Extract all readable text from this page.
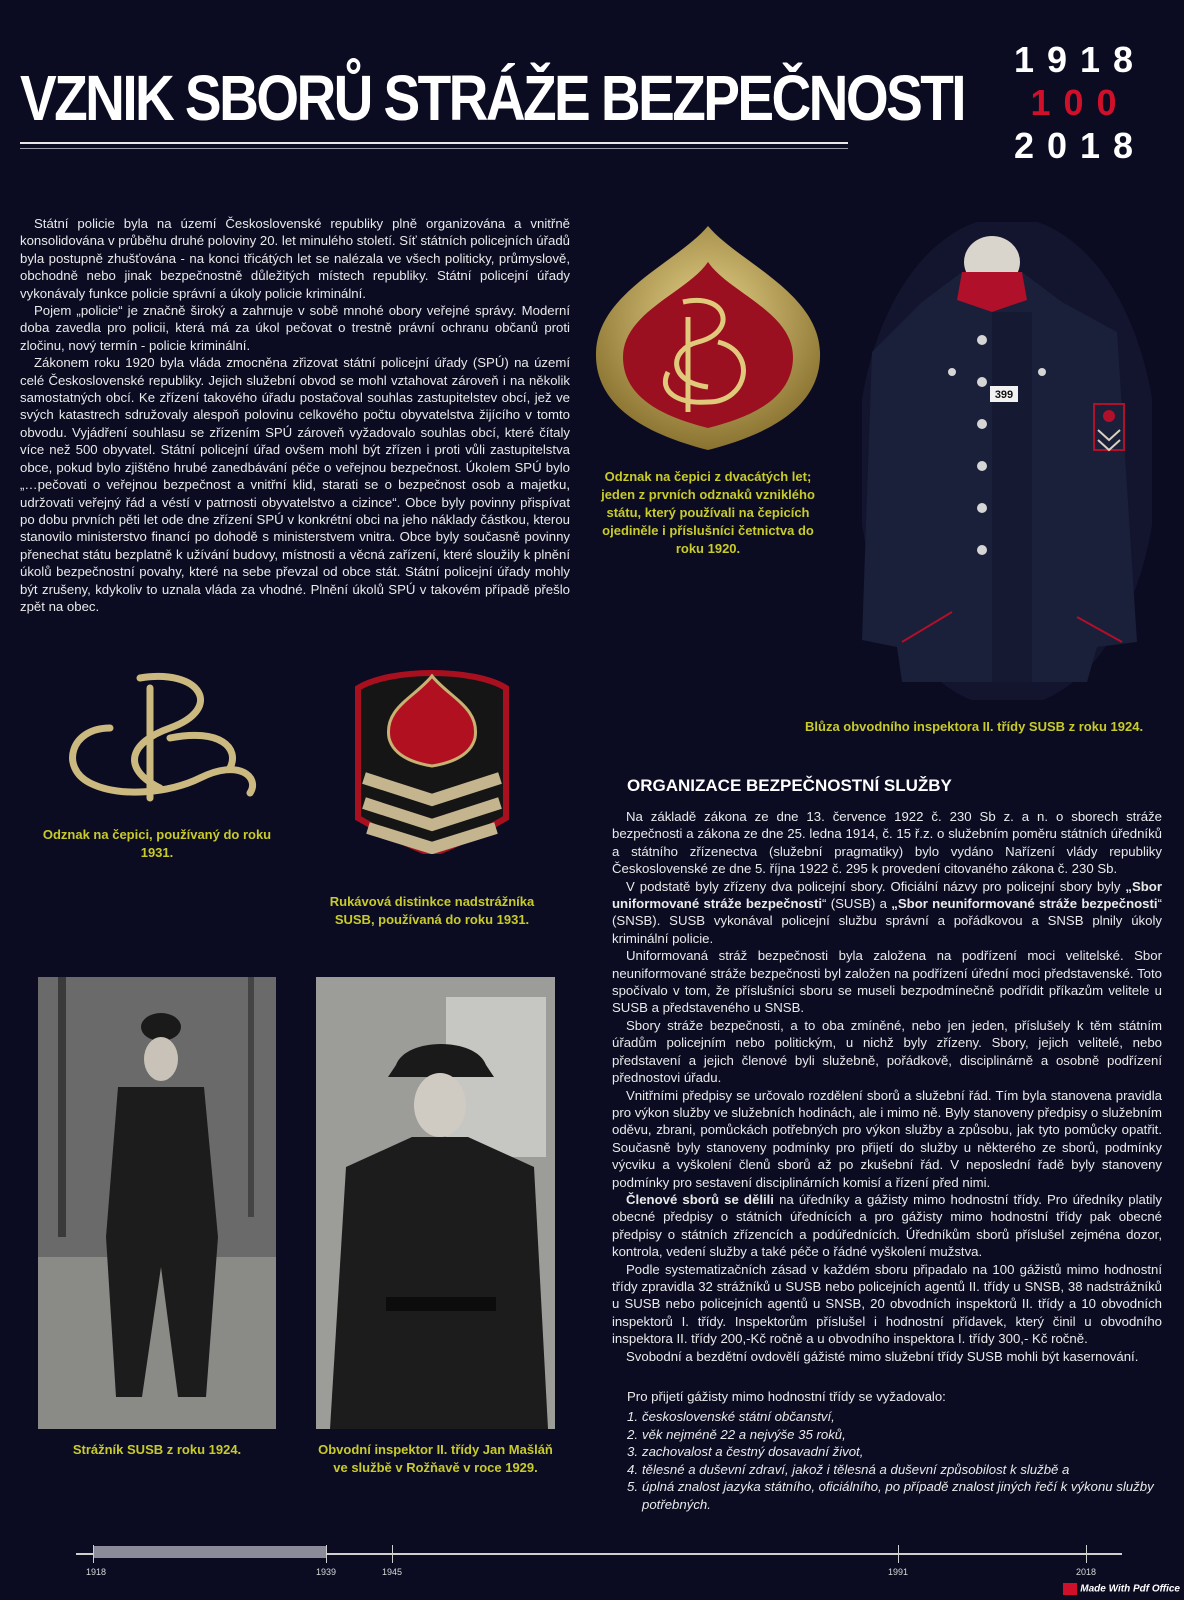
VZNIK SBORŮ STRÁŽE BEZPEČNOSTI
1918
100
2018

Státní policie byla na území Československé republiky plně organizována a vnitřně konsolidována v průběhu druhé poloviny 20. let minulého století. Síť státních policejních úřadů byla postupně zhušťována - na konci třicátých let se nalézala ve všech politicky, průmyslově, obchodně nebo jinak bezpečnostně důležitých místech republiky. Státní policejní úřady vykonávaly funkce policie správní a úkoly policie kriminální.

Pojem „policie“ je značně široký a zahrnuje v sobě mnohé obory veřejné správy. Moderní doba zavedla pro policii, která má za úkol pečovat o trestně právní ochranu občanů proti zločinu, nový termín - policie kriminální.

Zákonem roku 1920 byla vláda zmocněna zřizovat státní policejní úřady (SPÚ) na území celé Československé republiky. Jejich služební obvod se mohl vztahovat zároveň i na několik samostatných obcí. Ke zřízení takového úřadu postačoval souhlas zastupitelstev obcí, jež ve svých katastrech sdružovaly alespoň polovinu celkového počtu obyvatelstva žijícího v tomto obvodu. Vyjádření souhlasu se zřízením SPÚ zároveň vyžadovalo souhlas obcí, které čítaly více než 500 obyvatel. Státní policejní úřad ovšem mohl být zřízen i proti vůli zastupitelstva obce, pokud bylo zjištěno hrubé zanedbávání péče o veřejnou bezpečnost. Úkolem SPÚ bylo „…pečovati o veřejnou bezpečnost a vnitřní klid, starati se o bezpečnost osob a majetku, udržovati veřejný řád a véstí v patrnosti obyvatelstvo a cizince“. Obce byly povinny přispívat po dobu prvních pěti let ode dne zřízení SPÚ v konkrétní obci na jeho náklady částkou, kterou stanovilo ministerstvo financí po dohodě s ministerstvem vnitra. Obce byly současně povinny přenechat státu bezplatně k užívání budovy, místnosti a věcná zařízení, které sloužily k plnění úkolů bezpečnostní povahy, které na sebe převzal od obce stát. Státní policejní úřady mohly být zrušeny, kdykoliv to uznala vláda za vhodné. Plnění úkolů SPÚ v takovém případě přešlo zpět na obec.

Odznak na čepici z dvacátých let; jeden z prvních odznaků vzniklého státu, který používali na čepicích ojediněle i příslušníci četnictva do roku 1920.
399
Blůza obvodního inspektora II. třídy SUSB z roku 1924.
Odznak na čepici, používaný do roku 1931.
Rukávová distinkce nadstrážníka SUSB, používaná do roku 1931.
Strážník SUSB z roku 1924.	Obvodní inspektor II. třídy Jan Mašláň ve službě v Rožňavě v roce 1929.
ORGANIZACE BEZPEČNOSTNÍ SLUŽBY

Na základě zákona ze dne 13. července 1922 č. 230 Sb z. a n. o sborech stráže bezpečnosti a zákona ze dne 25. ledna 1914, č. 15 ř.z. o služebním poměru státních úředníků a státního zřízenectva (služební pragmatiky) bylo vydáno Nařízení vlády republiky Československé ze dne 5. října 1922 č. 295 k provedení citovaného zákona č. 230 Sb.

V podstatě byly zřízeny dva policejní sbory. Oficiální názvy pro policejní sbory byly „Sbor uniformované stráže bezpečnosti“ (SUSB) a „Sbor neuniformované stráže bezpečnosti“ (SNSB). SUSB vykonával policejní službu správní a pořádkovou a SNSB plnily úkoly kriminální policie.

Uniformovaná stráž bezpečnosti byla založena na podřízení moci velitelské. Sbor neuniformované stráže bezpečnosti byl založen na podřízení úřední moci představenské. Toto spočívalo v tom, že příslušníci sboru se museli bezpodmínečně podřídit příkazům velitele u SUSB a představeného u SNSB.

Sbory stráže bezpečnosti, a to oba zmíněné, nebo jen jeden, příslušely k těm státním úřadům policejním nebo politickým, u nichž byly zřízeny. Sbory, jejich velitelé, nebo představení a jejich členové byli služebně, pořádkově, disciplinárně a osobně podřízení přednostovi úřadu.

Vnitřními předpisy se určovalo rozdělení sborů a služební řád. Tím byla stanovena pravidla pro výkon služby ve služebních hodinách, ale i mimo ně. Byly stanoveny předpisy o služebním oděvu, zbrani, pomůckách potřebných pro výkon služby a způsobu, jak tyto pomůcky opatřit. Současně byly stanoveny podmínky pro přijetí do služby u některého ze sborů, podmínky výcviku a vyškolení členů sborů až po zkušební řád. V neposlední řadě byly stanoveny podmínky pro sestavení disciplinárních komisí a řízení před nimi.

Členové sborů se dělili na úředníky a gážisty mimo hodnostní třídy. Pro úředníky platily obecné předpisy o státních úřednících a pro gážisty mimo hodnostní třídy pak obecné předpisy o státních zřízencích a podúřednících. Úředníkům sborů příslušel zejména dozor, kontrola, vedení služby a také péče o řádné vyškolení mužstva.

Podle systematizačních zásad v každém sboru připadalo na 100 gážistů mimo hodnostní třídy zpravidla 32 strážníků u SUSB nebo policejních agentů II. třídy u SNSB, 38 nadstrážníků u SUSB nebo policejních agentů u SNSB, 20 obvodních inspektorů II. třídy a 10 obvodních inspektorů I. třídy. Inspektorům příslušel i hodnostní přídavek, který činil u obvodního inspektora II. třídy 200,-Kč ročně a u obvodního inspektora I. třídy 300,- Kč ročně.

Svobodní a bezdětní ovdovělí gážisté mimo služební třídy SUSB mohli být kasernování.

Pro přijetí gážisty mimo hodnostní třídy se vyžadovalo:
1. československé státní občanství,
2. věk nejméně 22 a nejvýše 35 roků,
3. zachovalost a čestný dosavadní život,
4. tělesné a duševní zdraví, jakož i tělesná a duševní způsobilost k službě a
5. úplná znalost jazyka státního, oficiálního, po případě znalost jiných řečí k výkonu služby potřebných.
1918	1939	1945	1991	2018
Made With Pdf Office
